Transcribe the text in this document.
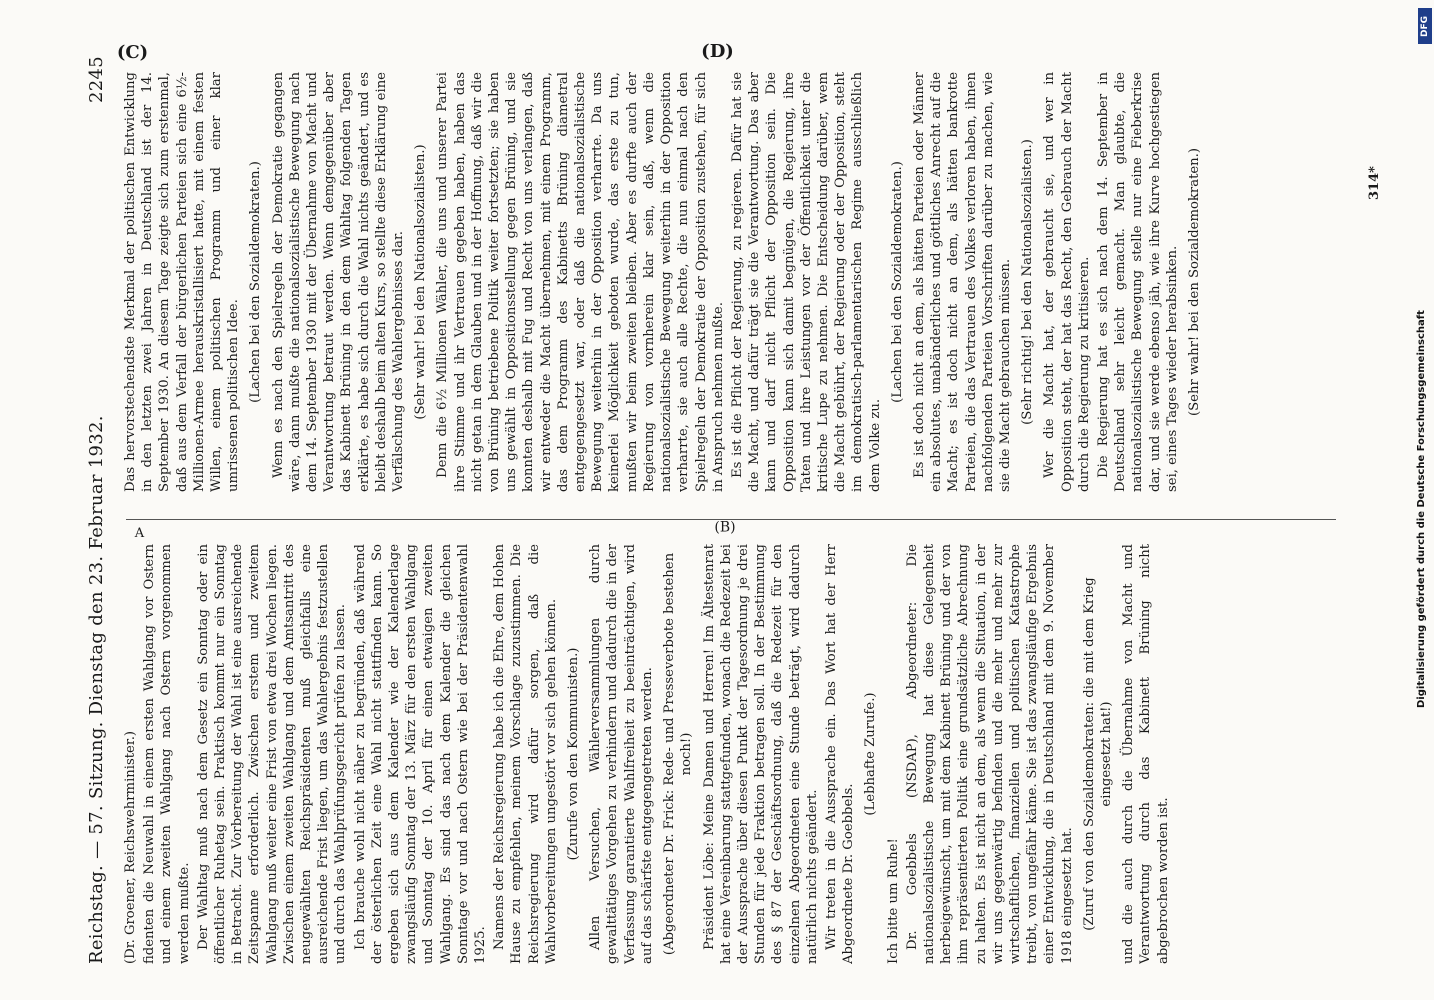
Reichstag. — 57. Sitzung. Dienstag den 23. Februar 1932.
2245

(Dr. Groener, Reichswehrminister.) fidenten die Neuwahl in einem ersten Wahlgang vor Ostern und einem zweiten Wahlgang nach Ostern vorgenommen werden mußte. Der Wahltag muß nach dem Gesetz ein Sonntag oder ein öffentlicher Ruhetag sein. Praktisch kommt nur ein Sonntag in Betracht. Zur Vorbereitung der Wahl ist eine ausreichende Zeitspanne erforderlich. Zwischen erstem und zweitem Wahlgang muß weiter eine Frist von etwa drei Wochen liegen. Zwischen einem zweiten Wahlgang und dem Amtsantritt des neugewählten Reichspräsidenten muß gleichfalls eine ausreichende Frist liegen, um das Wahlergebnis festzustellen und durch das Wahlprüfungsgericht prüfen zu lassen. Ich brauche wohl nicht näher zu begründen, daß während der österlichen Zeit eine Wahl nicht stattfinden kann. So ergeben sich aus dem Kalender wie der Kalenderlage zwangsläufig Sonntag der 13. März für den ersten Wahlgang und Sonntag der 10. April für einen etwaigen zweiten Wahlgang. Es sind das nach dem Kalender die gleichen Sonntage vor und nach Ostern wie bei der Präsidentenwahl 1925. Namens der Reichsregierung habe ich die Ehre, dem Hohen Hause zu empfehlen, meinem Vorschlage zuzustimmen. Die Reichsregierung wird dafür sorgen, daß die Wahlvorbereitungen ungestört vor sich gehen können. (Zurufe von den Kommunisten.) Allen Versuchen, Wählerversammlungen durch gewalttätiges Vorgehen zu verhindern und dadurch die in der Verfassung garantierte Wahlfreiheit zu beeinträchtigen, wird auf das schärfste entgegengetreten werden. (Abgeordneter Dr. Frick: Rede- und Presseverbote bestehen noch!) Präsident Löbe: Meine Damen und Herren! Im Ältestenrat hat eine Vereinbarung stattgefunden, wonach die Redezeit bei der Aussprache über diesen Punkt der Tagesordnung je drei Stunden für jede Fraktion betragen soll. In der Bestimmung des § 87 der Geschäftsordnung, daß die Redezeit für den einzelnen Abgeordneten eine Stunde beträgt, wird dadurch natürlich nichts geändert. Wir treten in die Aussprache ein. Das Wort hat der Herr Abgeordnete Dr. Goebbels.

(Lebhafte Zurufe.)

Ich bitte um Ruhe! Dr. Goebbels (NSDAP), Abgeordneter: Die nationalsozialistische Bewegung hat diese Gelegenheit herbeigewünscht, um mit dem Kabinett Brüning und der von ihm repräsentierten Politik eine grundsätzliche Abrechnung zu halten. Es ist nicht an dem, als wenn die Situation, in der wir uns gegenwärtig befinden und die mehr und mehr zur wirtschaftlichen, finanziellen und politischen Katastrophe treibt, von ungefähr käme. Sie ist das zwangsläufige Ergebnis einer Entwicklung, die in Deutschland mit dem 9. November 1918 eingesetzt hat. (Zuruf von den Sozialdemokraten: die mit dem Krieg eingesetzt hat!) und die auch durch die Übernahme von Macht und Verantwortung durch das Kabinett Brüning nicht abgebrochen worden ist.

Das hervorstechendste Merkmal der politischen Entwicklung in den letzten zwei Jahren in Deutschland ist der 14. September 1930. An diesem Tage zeigte sich zum erstenmal, daß aus dem Verfall der bürgerlichen Parteien sich eine 6½-Millionen-Armee herauskristallisiert hatte, mit einem festen Willen, einem politischen Programm und einer klar umrissenen politischen Idee. (Lachen bei den Sozialdemokraten.) Wenn es nach den Spielregeln der Demokratie gegangen wäre, dann mußte die nationalsozialistische Bewegung nach dem 14. September 1930 mit der Übernahme von Macht und Verantwortung betraut werden. Wenn demgegenüber aber das Kabinett Brüning in den dem Wahltag folgenden Tagen erklärte, es habe sich durch die Wahl nichts geändert, und es bleibt deshalb beim alten Kurs, so stellte diese Erklärung eine Verfälschung des Wahlergebnisses dar. (Sehr wahr! bei den Nationalsozialisten.) Denn die 6½ Millionen Wähler, die uns und unserer Partei ihre Stimme und ihr Vertrauen gegeben haben, haben das nicht getan in dem Glauben und in der Hoffnung, daß wir die von Brüning betriebene Politik weiter fortsetzten; sie haben uns gewählt in Oppositionsstellung gegen Brüning, und sie konnten deshalb mit Fug und Recht von uns verlangen, daß wir entweder die Macht übernehmen, mit einem Programm, das dem Programm des Kabinetts Brüning diametral entgegengesetzt war, oder daß die nationalsozialistische Bewegung weiterhin in der Opposition verharrte. Da uns keinerlei Möglichkeit geboten wurde, das erste zu tun, mußten wir beim zweiten bleiben. Aber es durfte auch der Regierung von vornherein klar sein, daß, wenn die nationalsozialistische Bewegung weiterhin in der Opposition verharrte, sie auch alle Rechte, die nun einmal nach den Spielregeln der Demokratie der Opposition zustehen, für sich in Anspruch nehmen mußte. Es ist die Pflicht der Regierung, zu regieren. Dafür hat sie die Macht, und dafür trägt sie die Verantwortung. Das aber kann und darf nicht Pflicht der Opposition sein. Die Opposition kann sich damit begnügen, die Regierung, ihre Taten und ihre Leistungen vor der Öffentlichkeit unter die kritische Lupe zu nehmen. Die Entscheidung darüber, wem die Macht gebührt, der Regierung oder der Opposition, steht im demokratisch-parlamentarischen Regime ausschließlich dem Volke zu.

(Lachen bei den Sozialdemokraten.) Es ist doch nicht an dem, als hätten Parteien oder Männer ein absolutes, unabänderliches und göttliches Anrecht auf die Macht; es ist doch nicht an dem, als hätten bankrotte Parteien, die das Vertrauen des Volkes verloren haben, ihnen nachfolgenden Parteien Vorschriften darüber zu machen, wie sie die Macht gebrauchen müssen. (Sehr richtig! bei den Nationalsozialisten.) Wer die Macht hat, der gebraucht sie, und wer in Opposition steht, der hat das Recht, den Gebrauch der Macht durch die Regierung zu kritisieren. Die Regierung hat es sich nach dem 14. September in Deutschland sehr leicht gemacht. Man glaubte, die nationalsozialistische Bewegung stelle nur eine Fieberkrise dar, und sie werde ebenso jäh, wie ihre Kurve hochgestiegen sei, eines Tages wieder herabsinken. (Sehr wahr! bei den Sozialdemokraten.)

A	(B)
(C)	(D)
314*
Digitalisierung gefördert durch die Deutsche Forschungsgemeinschaft
DFG
